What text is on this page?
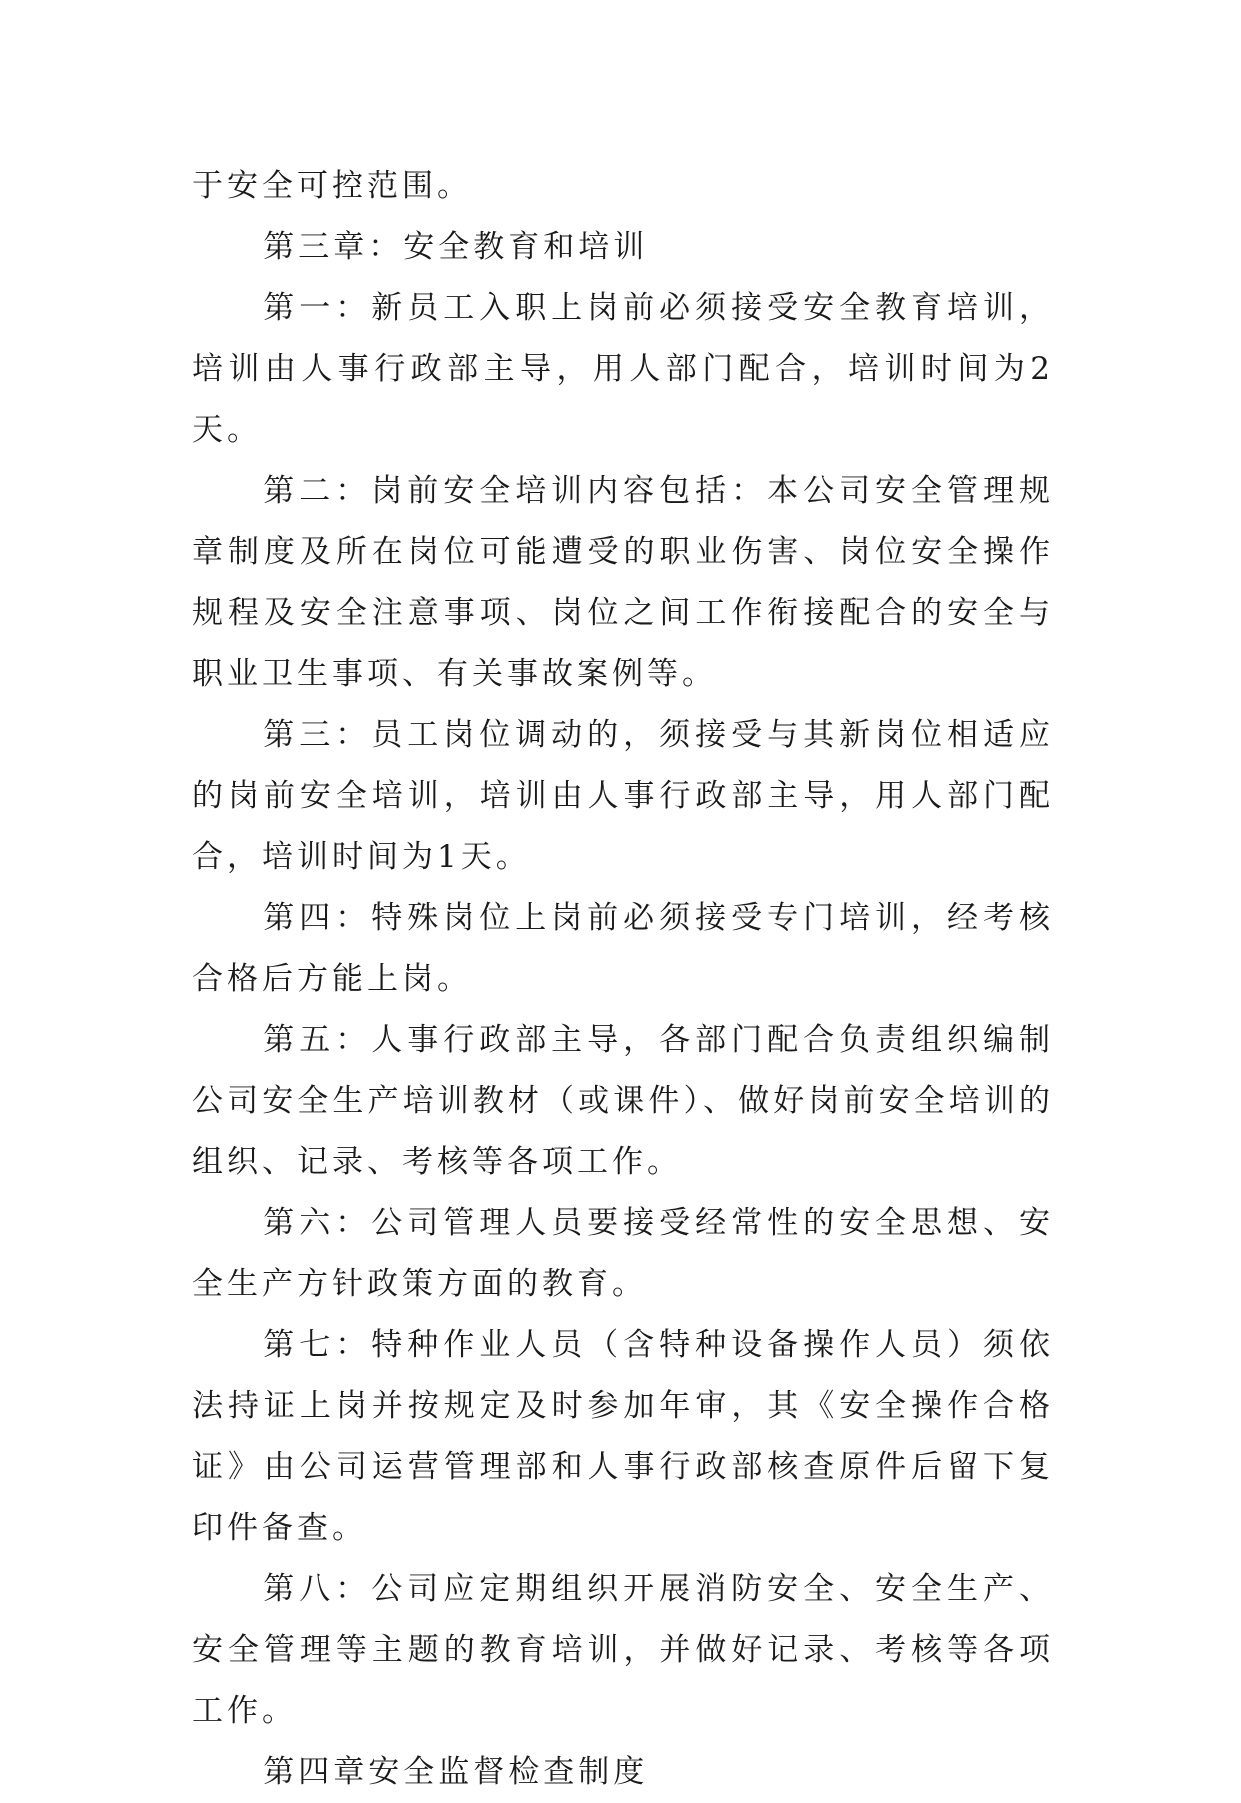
于安全可控范围。

第三章：安全教育和培训

第一：新员工入职上岗前必须接受安全教育培训，培训由人事行政部主导，用人部门配合，培训时间为2天。

第二：岗前安全培训内容包括：本公司安全管理规章制度及所在岗位可能遭受的职业伤害、岗位安全操作规程及安全注意事项、岗位之间工作衔接配合的安全与职业卫生事项、有关事故案例等。

第三：员工岗位调动的，须接受与其新岗位相适应的岗前安全培训，培训由人事行政部主导，用人部门配合，培训时间为1天。

第四：特殊岗位上岗前必须接受专门培训，经考核合格后方能上岗。

第五：人事行政部主导，各部门配合负责组织编制公司安全生产培训教材（或课件）、做好岗前安全培训的组织、记录、考核等各项工作。

第六：公司管理人员要接受经常性的安全思想、安全生产方针政策方面的教育。

第七：特种作业人员（含特种设备操作人员）须依法持证上岗并按规定及时参加年审，其《安全操作合格证》由公司运营管理部和人事行政部核查原件后留下复印件备查。

第八：公司应定期组织开展消防安全、安全生产、安全管理等主题的教育培训，并做好记录、考核等各项工作。

第四章安全监督检查制度
